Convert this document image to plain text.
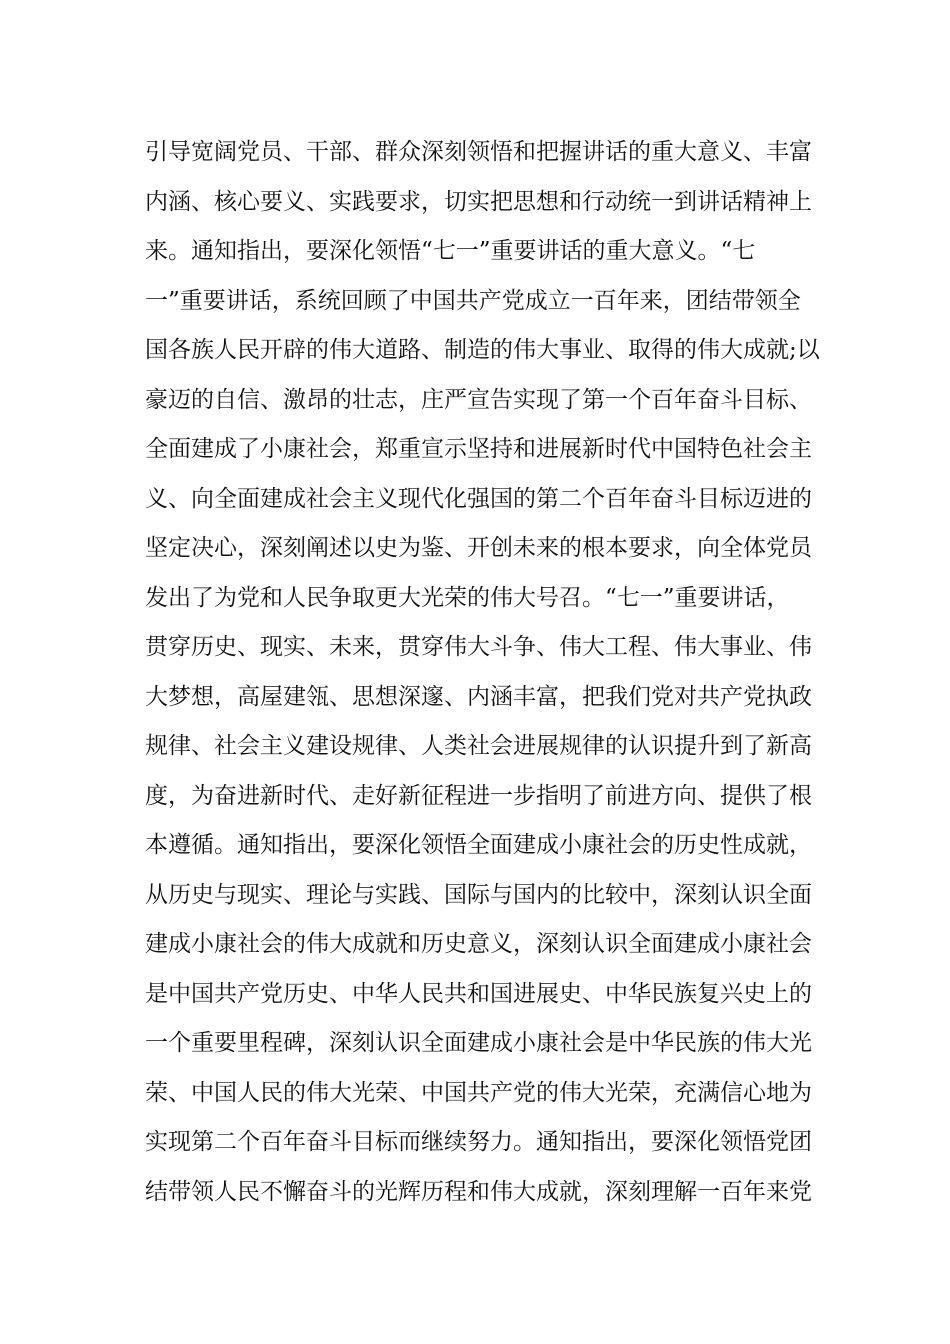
引导宽阔党员、干部、群众深刻领悟和把握讲话的重大意义、丰富
内涵、核心要义、实践要求，切实把思想和行动统一到讲话精神上
来。通知指出，要深化领悟“七一”重要讲话的重大意义。“七
一”重要讲话，系统回顾了中国共产党成立一百年来，团结带领全
国各族人民开辟的伟大道路、制造的伟大事业、取得的伟大成就;以
豪迈的自信、激昂的壮志，庄严宣告实现了第一个百年奋斗目标、
全面建成了小康社会，郑重宣示坚持和进展新时代中国特色社会主
义、向全面建成社会主义现代化强国的第二个百年奋斗目标迈进的
坚定决心，深刻阐述以史为鉴、开创未来的根本要求，向全体党员
发出了为党和人民争取更大光荣的伟大号召。“七一”重要讲话，
贯穿历史、现实、未来，贯穿伟大斗争、伟大工程、伟大事业、伟
大梦想，高屋建瓴、思想深邃、内涵丰富，把我们党对共产党执政
规律、社会主义建设规律、人类社会进展规律的认识提升到了新高
度，为奋进新时代、走好新征程进一步指明了前进方向、提供了根
本遵循。通知指出，要深化领悟全面建成小康社会的历史性成就，
从历史与现实、理论与实践、国际与国内的比较中，深刻认识全面
建成小康社会的伟大成就和历史意义，深刻认识全面建成小康社会
是中国共产党历史、中华人民共和国进展史、中华民族复兴史上的
一个重要里程碑，深刻认识全面建成小康社会是中华民族的伟大光
荣、中国人民的伟大光荣、中国共产党的伟大光荣，充满信心地为
实现第二个百年奋斗目标而继续努力。通知指出，要深化领悟党团
结带领人民不懈奋斗的光辉历程和伟大成就，深刻理解一百年来党
